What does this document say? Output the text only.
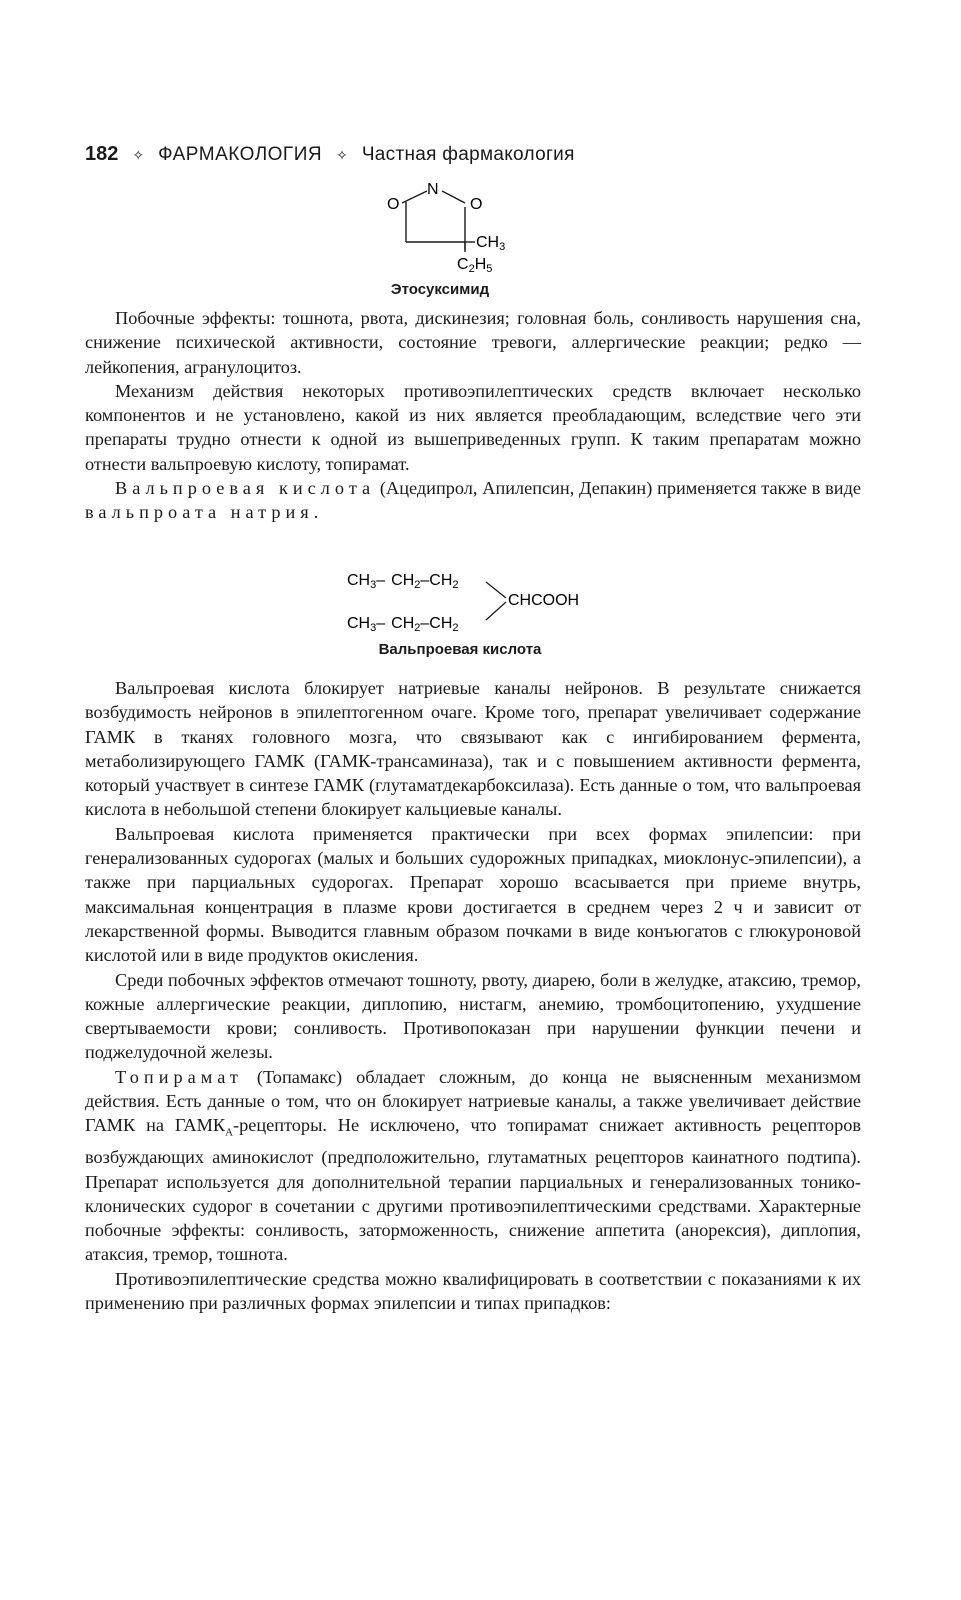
182 ✧ ФАРМАКОЛОГИЯ ✧ Частная фармакология
O
N
O
CH3
C2H5
Этосуксимид

Побочные эффекты: тошнота, рвота, дискинезия; головная боль, сонливость нарушения сна, снижение психической активности, состояние тревоги, аллергические реакции; редко — лейкопения, агранулоцитоз.

Механизм действия некоторых противоэпилептических средств включает несколько компонентов и не установлено, какой из них является преобладающим, вследствие чего эти препараты трудно отнести к одной из вышеприведенных групп. К таким препаратам можно отнести вальпроевую кислоту, топирамат.

Вальпроевая кислота (Ацедипрол, Апилепсин, Депакин) применяется также в виде вальпроата натрия.

CH3– CH2–CH2
CH3– CH2–CH2
CHCOOH
Вальпроевая кислота

Вальпроевая кислота блокирует натриевые каналы нейронов. В результате снижается возбудимость нейронов в эпилептогенном очаге. Кроме того, препарат увеличивает содержание ГАМК в тканях головного мозга, что связывают как с ингибированием фермента, метаболизирующего ГАМК (ГАМК-трансаминаза), так и с повышением активности фермента, который участвует в синтезе ГАМК (глутаматдекарбоксилаза). Есть данные о том, что вальпроевая кислота в небольшой степени блокирует кальциевые каналы.

Вальпроевая кислота применяется практически при всех формах эпилепсии: при генерализованных судорогах (малых и больших судорожных припадках, миоклонус-эпилепсии), а также при парциальных судорогах. Препарат хорошо всасывается при приеме внутрь, максимальная концентрация в плазме крови достигается в среднем через 2 ч и зависит от лекарственной формы. Выводится главным образом почками в виде конъюгатов с глюкуроновой кислотой или в виде продуктов окисления.

Среди побочных эффектов отмечают тошноту, рвоту, диарею, боли в желудке, атаксию, тремор, кожные аллергические реакции, диплопию, нистагм, анемию, тромбоцитопению, ухудшение свертываемости крови; сонливость. Противопоказан при нарушении функции печени и поджелудочной железы.

Топирамат (Топамакс) обладает сложным, до конца не выясненным механизмом действия. Есть данные о том, что он блокирует натриевые каналы, а также увеличивает действие ГАМК на $ГАМК_A$-рецепторы. Не исключено, что топирамат снижает активность рецепторов возбуждающих аминокислот (предположительно, глутаматных рецепторов каинатного подтипа). Препарат используется для дополнительной терапии парциальных и генерализованных тонико-клонических судорог в сочетании с другими противоэпилептическими средствами. Характерные побочные эффекты: сонливость, заторможенность, снижение аппетита (анорексия), диплопия, атаксия, тремор, тошнота.

Противоэпилептические средства можно квалифицировать в соответствии с показаниями к их применению при различных формах эпилепсии и типах припадков:
